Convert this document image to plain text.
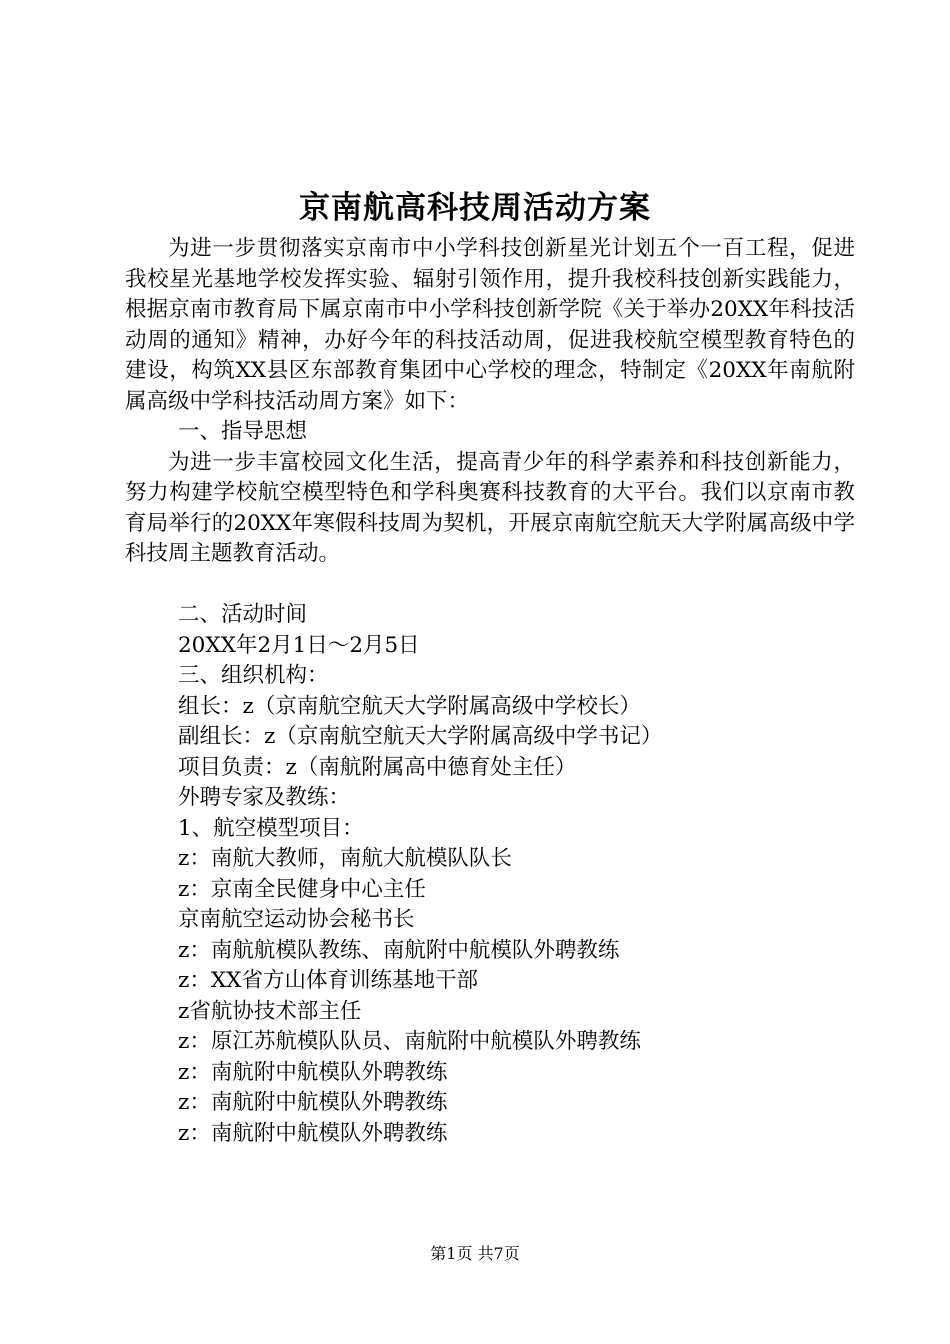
京南航高科技周活动方案

为进一步贯彻落实京南市中小学科技创新星光计划五个一百工程，促进我校星光基地学校发挥实验、辐射引领作用，提升我校科技创新实践能力，根据京南市教育局下属京南市中小学科技创新学院《关于举办20XX年科技活动周的通知》精神，办好今年的科技活动周，促进我校航空模型教育特色的建设，构筑XX县区东部教育集团中心学校的理念，特制定《20XX年南航附属高级中学科技活动周方案》如下：

一、指导思想

为进一步丰富校园文化生活，提高青少年的科学素养和科技创新能力，努力构建学校航空模型特色和学科奥赛科技教育的大平台。我们以京南市教育局举行的20XX年寒假科技周为契机，开展京南航空航天大学附属高级中学科技周主题教育活动。

二、活动时间

20XX年2月1日～2月5日

三、组织机构：

组长：z（京南航空航天大学附属高级中学校长）

副组长：z（京南航空航天大学附属高级中学书记）

项目负责：z（南航附属高中德育处主任）

外聘专家及教练：

1、航空模型项目：

z：南航大教师，南航大航模队队长

z：京南全民健身中心主任

京南航空运动协会秘书长

z：南航航模队教练、南航附中航模队外聘教练

z：XX省方山体育训练基地干部

z省航协技术部主任

z：原江苏航模队队员、南航附中航模队外聘教练

z：南航附中航模队外聘教练

z：南航附中航模队外聘教练

z：南航附中航模队外聘教练

第1页 共7页
